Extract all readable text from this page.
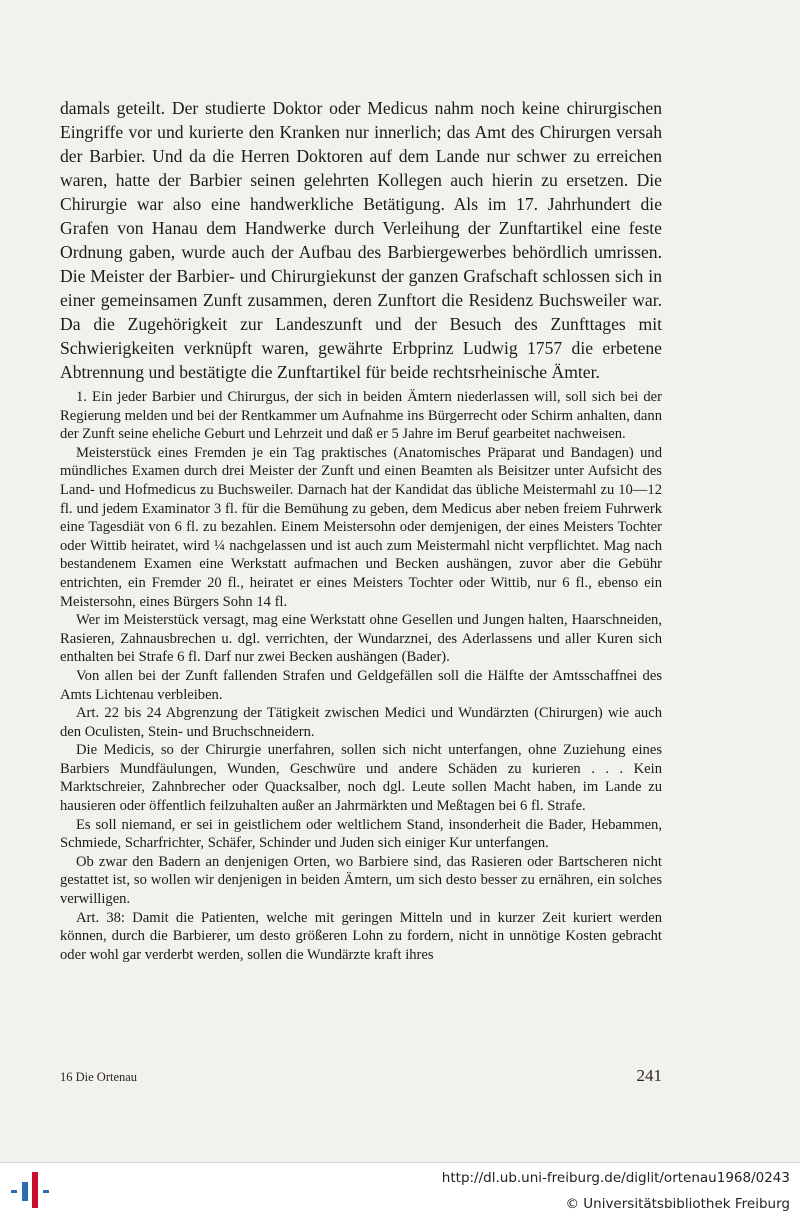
damals geteilt. Der studierte Doktor oder Medicus nahm noch keine chirurgischen Eingriffe vor und kurierte den Kranken nur innerlich; das Amt des Chirurgen versah der Barbier. Und da die Herren Doktoren auf dem Lande nur schwer zu erreichen waren, hatte der Barbier seinen gelehrten Kollegen auch hierin zu ersetzen. Die Chirurgie war also eine handwerkliche Betätigung. Als im 17. Jahrhundert die Grafen von Hanau dem Handwerke durch Verleihung der Zunftartikel eine feste Ordnung gaben, wurde auch der Aufbau des Barbiergewerbes behördlich umrissen. Die Meister der Barbier- und Chirurgiekunst der ganzen Grafschaft schlossen sich in einer gemeinsamen Zunft zusammen, deren Zunftort die Residenz Buchsweiler war. Da die Zugehörigkeit zur Landeszunft und der Besuch des Zunfttages mit Schwierigkeiten verknüpft waren, gewährte Erbprinz Ludwig 1757 die erbetene Abtrennung und bestätigte die Zunftartikel für beide rechtsrheinische Ämter.

1. Ein jeder Barbier und Chirurgus, der sich in beiden Ämtern niederlassen will, soll sich bei der Regierung melden und bei der Rentkammer um Aufnahme ins Bürgerrecht oder Schirm anhalten, dann der Zunft seine eheliche Geburt und Lehrzeit und daß er 5 Jahre im Beruf gearbeitet nachweisen.

Meisterstück eines Fremden je ein Tag praktisches (Anatomisches Präparat und Bandagen) und mündliches Examen durch drei Meister der Zunft und einen Beamten als Beisitzer unter Aufsicht des Land- und Hofmedicus zu Buchsweiler. Darnach hat der Kandidat das übliche Meistermahl zu 10—12 fl. und jedem Examinator 3 fl. für die Bemühung zu geben, dem Medicus aber neben freiem Fuhrwerk eine Tagesdiät von 6 fl. zu bezahlen. Einem Meistersohn oder demjenigen, der eines Meisters Tochter oder Wittib heiratet, wird ¼ nachgelassen und ist auch zum Meistermahl nicht verpflichtet. Mag nach bestandenem Examen eine Werkstatt aufmachen und Becken aushängen, zuvor aber die Gebühr entrichten, ein Fremder 20 fl., heiratet er eines Meisters Tochter oder Wittib, nur 6 fl., ebenso ein Meistersohn, eines Bürgers Sohn 14 fl.

Wer im Meisterstück versagt, mag eine Werkstatt ohne Gesellen und Jungen halten, Haarschneiden, Rasieren, Zahnausbrechen u. dgl. verrichten, der Wundarznei, des Aderlassens und aller Kuren sich enthalten bei Strafe 6 fl. Darf nur zwei Becken aushängen (Bader).

Von allen bei der Zunft fallenden Strafen und Geldgefällen soll die Hälfte der Amtsschaffnei des Amts Lichtenau verbleiben.

Art. 22 bis 24 Abgrenzung der Tätigkeit zwischen Medici und Wundärzten (Chirurgen) wie auch den Oculisten, Stein- und Bruchschneidern.

Die Medicis, so der Chirurgie unerfahren, sollen sich nicht unterfangen, ohne Zuziehung eines Barbiers Mundfäulungen, Wunden, Geschwüre und andere Schäden zu kurieren . . . Kein Marktschreier, Zahnbrecher oder Quacksalber, noch dgl. Leute sollen Macht haben, im Lande zu hausieren oder öffentlich feilzuhalten außer an Jahrmärkten und Meßtagen bei 6 fl. Strafe.

Es soll niemand, er sei in geistlichem oder weltlichem Stand, insonderheit die Bader, Hebammen, Schmiede, Scharfrichter, Schäfer, Schinder und Juden sich einiger Kur unterfangen.

Ob zwar den Badern an denjenigen Orten, wo Barbiere sind, das Rasieren oder Bartscheren nicht gestattet ist, so wollen wir denjenigen in beiden Ämtern, um sich desto besser zu ernähren, ein solches verwilligen.

Art. 38: Damit die Patienten, welche mit geringen Mitteln und in kurzer Zeit kuriert werden können, durch die Barbierer, um desto größeren Lohn zu fordern, nicht in unnötige Kosten gebracht oder wohl gar verderbt werden, sollen die Wundärzte kraft ihres

16 Die Ortenau	241
http://dl.ub.uni-freiburg.de/diglit/ortenau1968/0243
© Universitätsbibliothek Freiburg
